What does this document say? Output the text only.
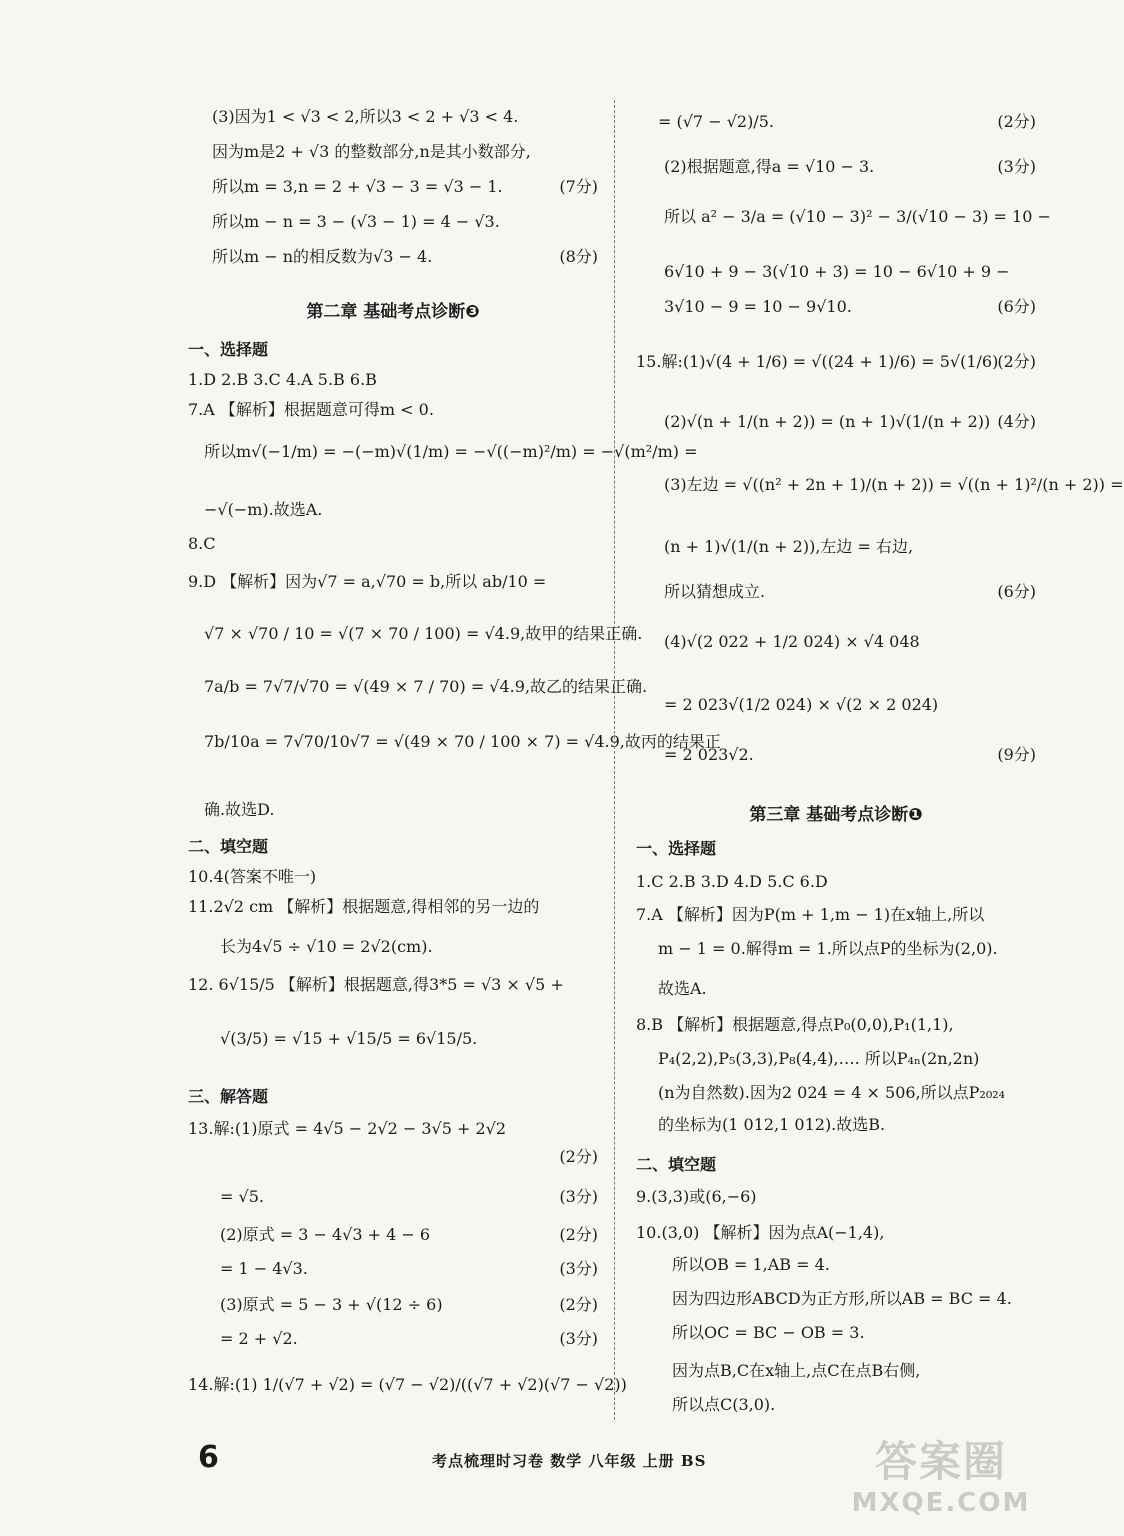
(3)因为1 < √3 < 2,所以3 < 2 + √3 < 4.
因为m是2 + √3 的整数部分,n是其小数部分,
所以m = 3,n = 2 + √3 − 3 = √3 − 1.	(7分)
所以m − n = 3 − (√3 − 1) = 4 − √3.
所以m − n的相反数为√3 − 4.	(8分)
第二章 基础考点诊断❸
一、选择题
1.D 2.B 3.C 4.A 5.B 6.B
7.A 【解析】根据题意可得m < 0.
所以m√(−1/m) = −(−m)√(1/m) = −√((−m)²/m) = −√(m²/m) =
−√(−m).故选A.
8.C
9.D 【解析】因为√7 = a,√70 = b,所以 ab/10 =
√7 × √70 / 10 = √(7 × 70 / 100) = √4.9,故甲的结果正确.
7a/b = 7√7/√70 = √(49 × 7 / 70) = √4.9,故乙的结果正确.
7b/10a = 7√70/10√7 = √(49 × 70 / 100 × 7) = √4.9,故丙的结果正
确.故选D.
二、填空题
10.4(答案不唯一)
11.2√2 cm 【解析】根据题意,得相邻的另一边的
长为4√5 ÷ √10 = 2√2(cm).
12. 6√15/5 【解析】根据题意,得3*5 = √3 × √5 +
√(3/5) = √15 + √15/5 = 6√15/5.
三、解答题
13.解:(1)原式 = 4√5 − 2√2 − 3√5 + 2√2
(2分)
= √5.	(3分)
(2)原式 = 3 − 4√3 + 4 − 6	(2分)
= 1 − 4√3.	(3分)
(3)原式 = 5 − 3 + √(12 ÷ 6)	(2分)
= 2 + √2.	(3分)
14.解:(1) 1/(√7 + √2) = (√7 − √2)/((√7 + √2)(√7 − √2))
= (√7 − √2)/5.	(2分)
(2)根据题意,得a = √10 − 3.	(3分)
所以 a² − 3/a = (√10 − 3)² − 3/(√10 − 3) = 10 −
6√10 + 9 − 3(√10 + 3) = 10 − 6√10 + 9 −
3√10 − 9 = 10 − 9√10.	(6分)
15.解:(1)√(4 + 1/6) = √((24 + 1)/6) = 5√(1/6) (2分)
(2)√(n + 1/(n + 2)) = (n + 1)√(1/(n + 2)) (4分)
(3)左边 = √((n² + 2n + 1)/(n + 2)) = √((n + 1)²/(n + 2)) =
(n + 1)√(1/(n + 2)),左边 = 右边,
所以猜想成立.	(6分)
(4)√(2 022 + 1/2 024) × √4 048
= 2 023√(1/2 024) × √(2 × 2 024)
= 2 023√2.	(9分)
第三章 基础考点诊断❶
一、选择题
1.C 2.B 3.D 4.D 5.C 6.D
7.A 【解析】因为P(m + 1,m − 1)在x轴上,所以
m − 1 = 0.解得m = 1.所以点P的坐标为(2,0).
故选A.
8.B 【解析】根据题意,得点P₀(0,0),P₁(1,1),
P₄(2,2),P₅(3,3),P₈(4,4),…. 所以P₄ₙ(2n,2n)
(n为自然数).因为2 024 = 4 × 506,所以点P₂₀₂₄
的坐标为(1 012,1 012).故选B.
二、填空题
9.(3,3)或(6,−6)
10.(3,0) 【解析】因为点A(−1,4),
所以OB = 1,AB = 4.
因为四边形ABCD为正方形,所以AB = BC = 4.
所以OC = BC − OB = 3.
因为点B,C在x轴上,点C在点B右侧,
所以点C(3,0).
6	考点梳理时习卷 数学 八年级 上册 BS	答案圈
MXQE.COM
